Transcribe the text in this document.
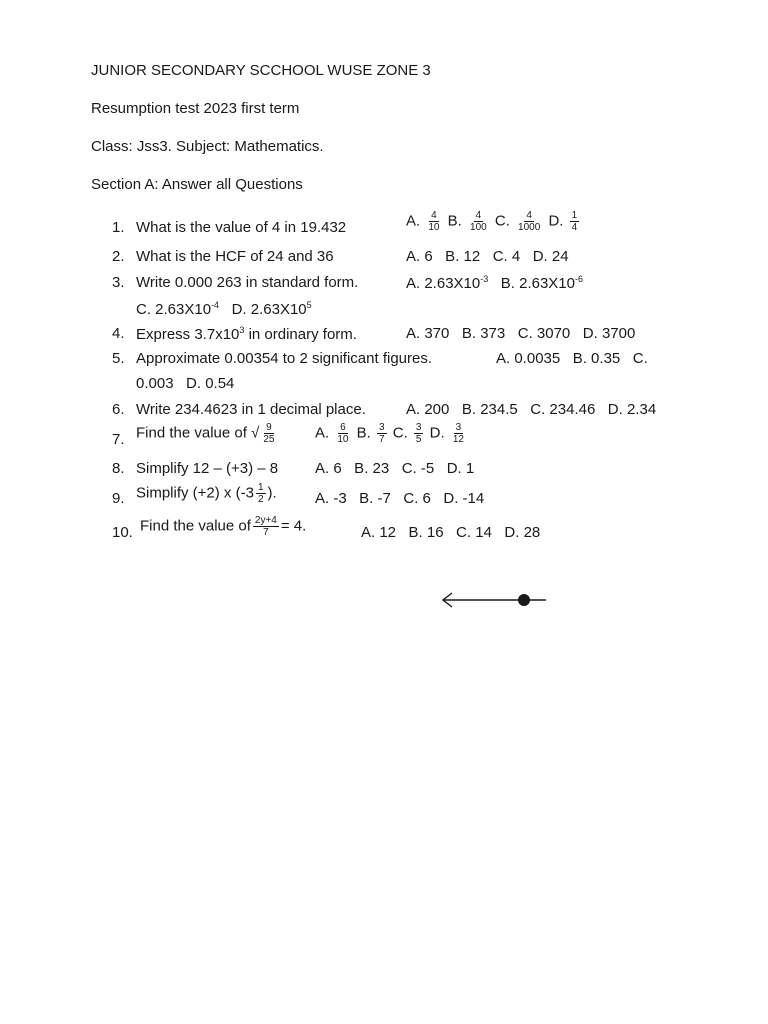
JUNIOR SECONDARY SCCHOOL WUSE ZONE 3
Resumption test 2023 first term
Class: Jss3. Subject: Mathematics.
Section A: Answer all Questions
1. What is the value of 4 in 19.432	A. $\frac{4}{10} B$. $\frac{4}{100} C$. $\frac{4}{1000} D$. $\frac{1}{4}$
2. What is the HCF of 24 and 36	A. 6   B. 12   C. 4   D. 24
3. Write 0.000 263 in standard form.	A. $2.63X10^{-3}$ B. $2.63X10^{-6}$
C. $2.63X10^{-4}$ D. $2.63X10^5$
4. Express $3.7x10^3$ in ordinary form.	A. 370   B. 373   C. 3070   D. 3700
5. Approximate 0.00354 to 2 significant figures.	A. 0.0035   B. 0.35   C.
0.003   D. 0.54
6. Write 234.4623 in 1 decimal place.	A. 200   B. 234.5   C. 234.46   D. 2.34
7. Find the value of √ $\frac{9}{25}$	A. $\frac{6}{10} B$. $\frac{3}{7} C$. $\frac{3}{5} D$. $\frac{3}{12}$
8. Simplify 12 – (+3) – 8 A. 6   B. 23   C. -5   D. 1
9. Simplify (+2) x ($-3 \frac{1}{2}$ ).	A. -3   B. -7   C. 6   D. -14
10. Find the value of $\frac{2y+4}{7} = 4$.	A. 12   B. 16   C. 14   D. 28
